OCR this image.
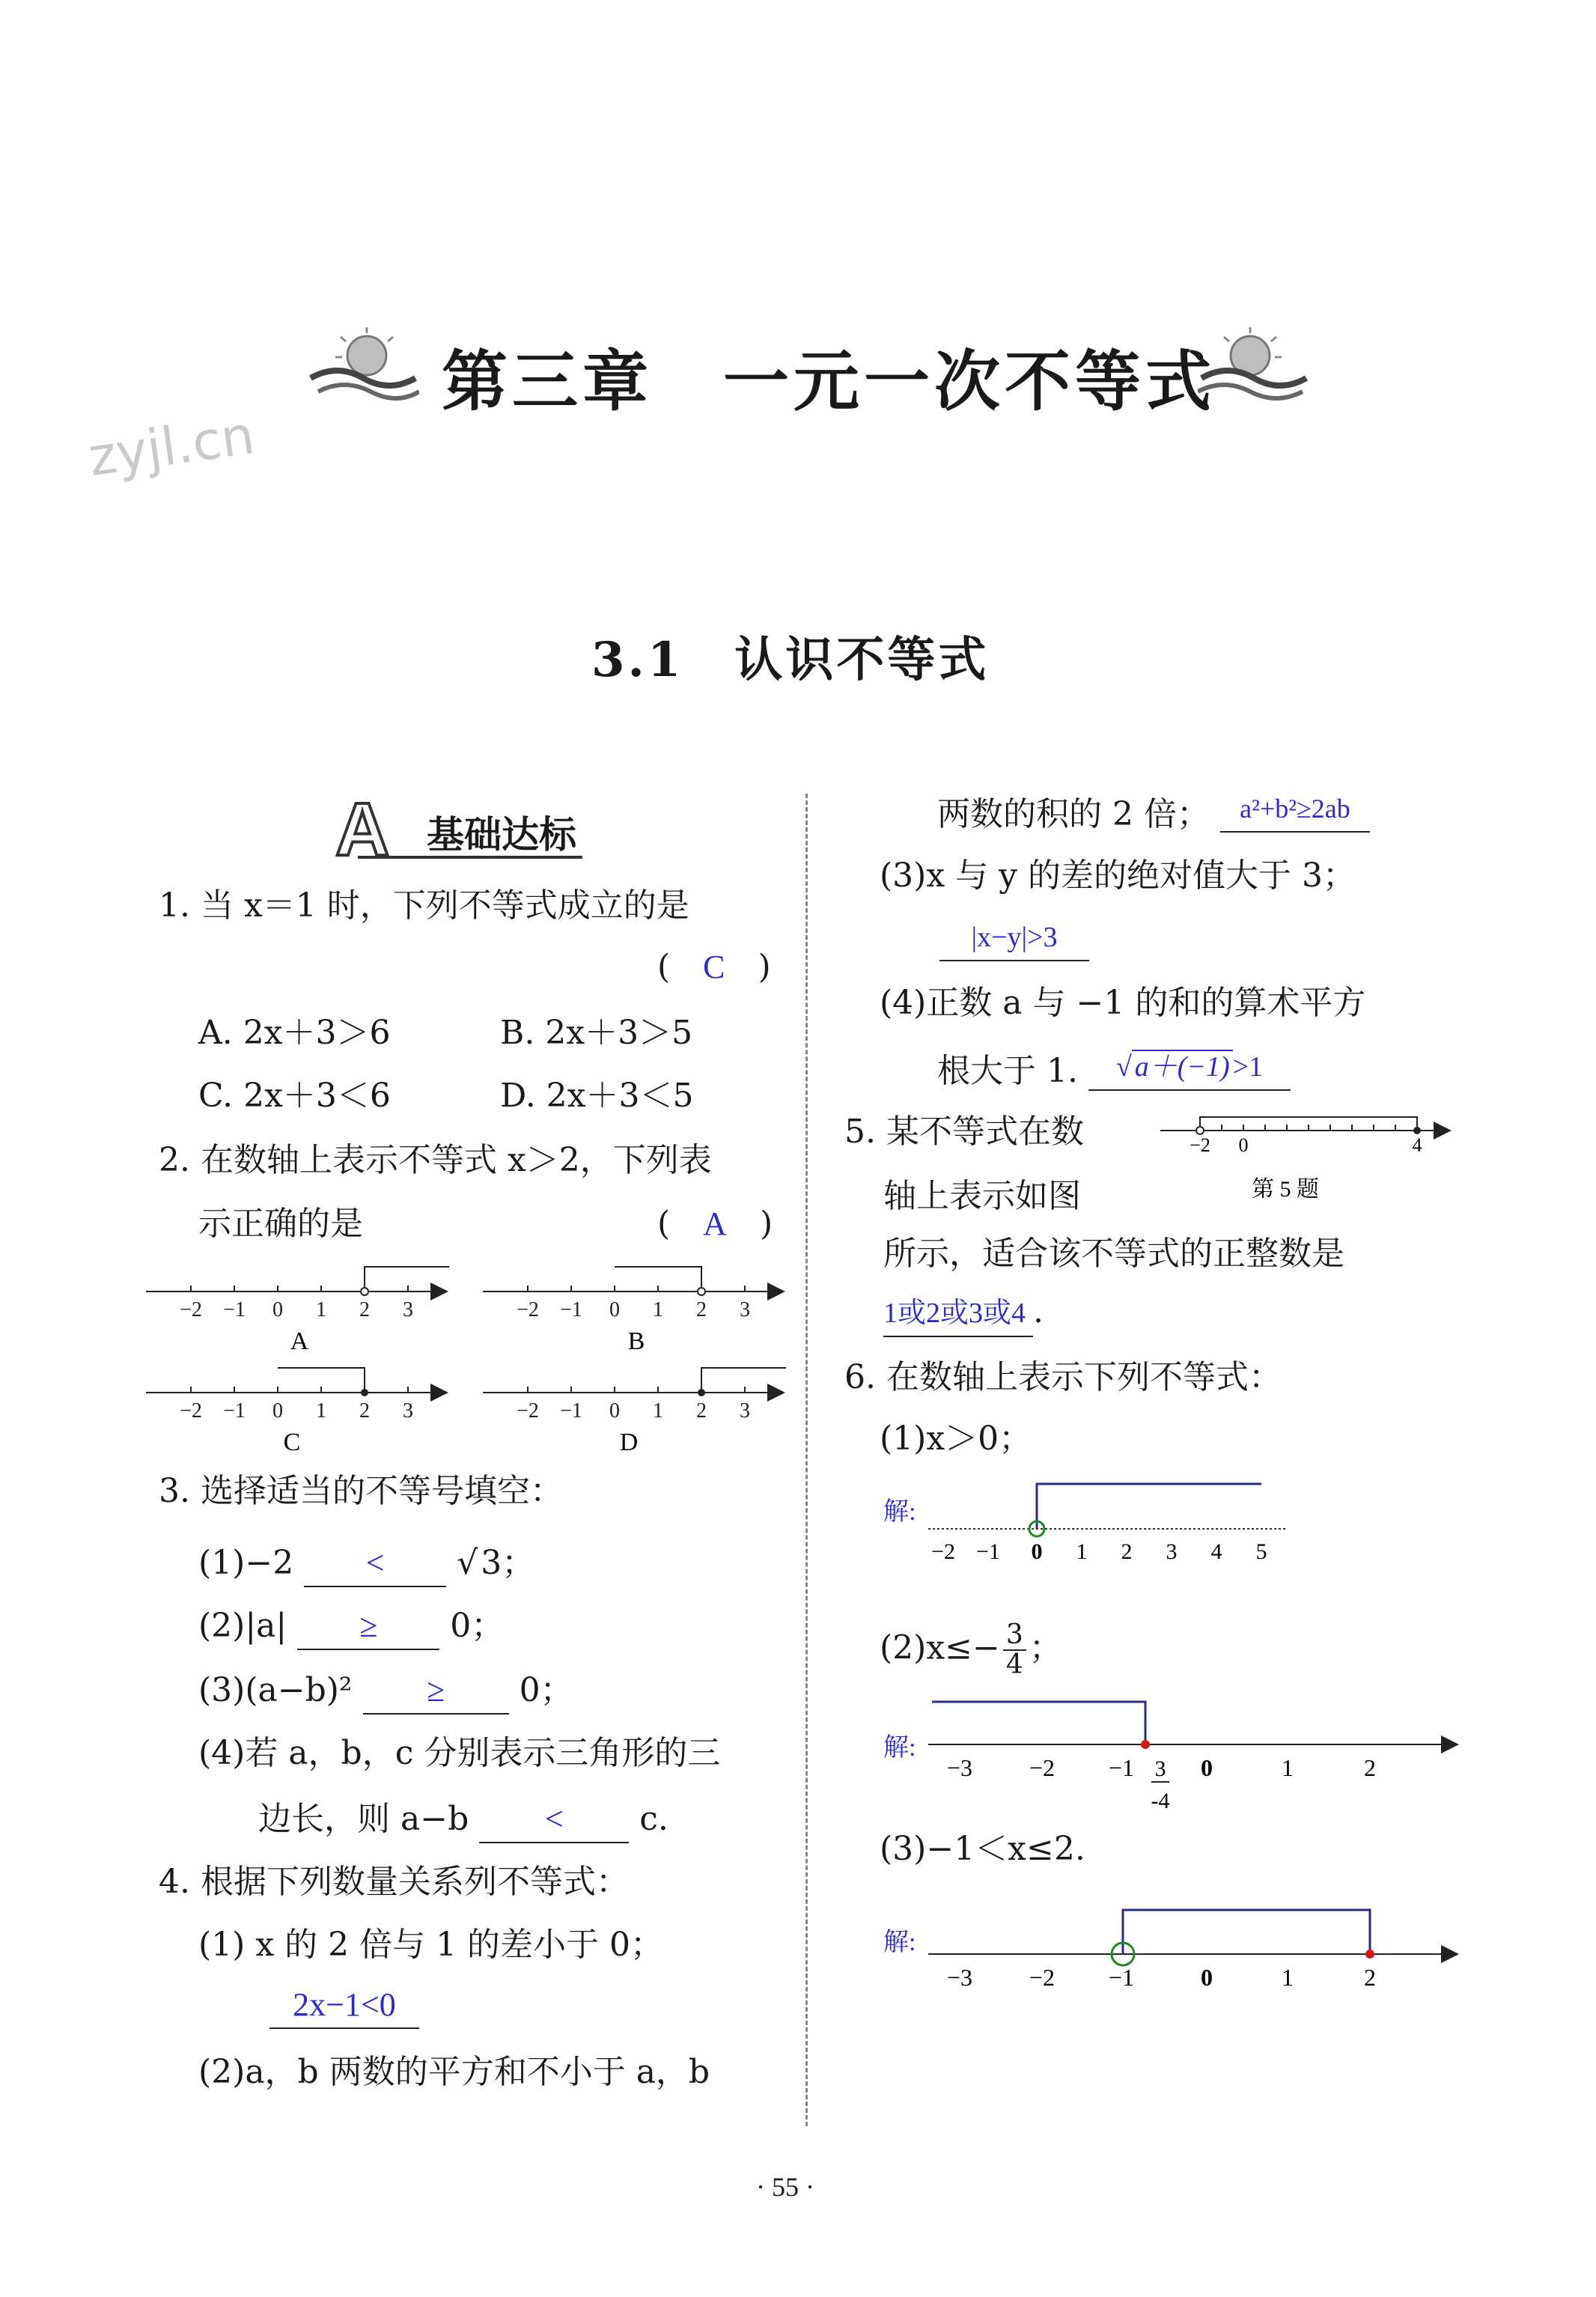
第三章　一元一次不等式
zyjl.cn
3.1　认识不等式
A 基础达标
1. 当 x＝1 时，下列不等式成立的是
(　C　)
A. 2x＋3＞6	B. 2x＋3＞5
C. 2x＋3＜6	D. 2x＋3＜5
2. 在数轴上表示不等式 x＞2，下列表
示正确的是	(　A　)
−2 −1 0 1 2 3
A
−2 −1 0 1 2 3
B
−2 −1 0 1 2 3
C
−2 −1 0 1 2 3
D
3. 选择适当的不等号填空：
(1)−2 < √3；
(2)|a| ≥ 0；
(3)(a−b)² ≥ 0；
(4)若 a，b，c 分别表示三角形的三
边长，则 a−b < c.
4. 根据下列数量关系列不等式：
(1) x 的 2 倍与 1 的差小于 0；
2x−1<0
(2)a，b 两数的平方和不小于 a，b
两数的积的 2 倍； a²+b²≥2ab
(3)x 与 y 的差的绝对值大于 3；
|x−y|>3
(4)正数 a 与 −1 的和的算术平方
根大于 1. √ a＋(−1) >1
5. 某不等式在数
轴上表示如图
所示，适合该不等式的正整数是
1或2或3或4 .
−2 0	4
第 5 题
6. 在数轴上表示下列不等式：
(1)x＞0；
解:
−2 −1 0 1 2 3 4 5
$(2)x\le- \frac{3}{4}$ ；
解:
−3 −2 −1	0	1	2
3
-4
(3)−1＜x≤2.
解:
−3 −2 −1	0	1	2
· 55 ·
